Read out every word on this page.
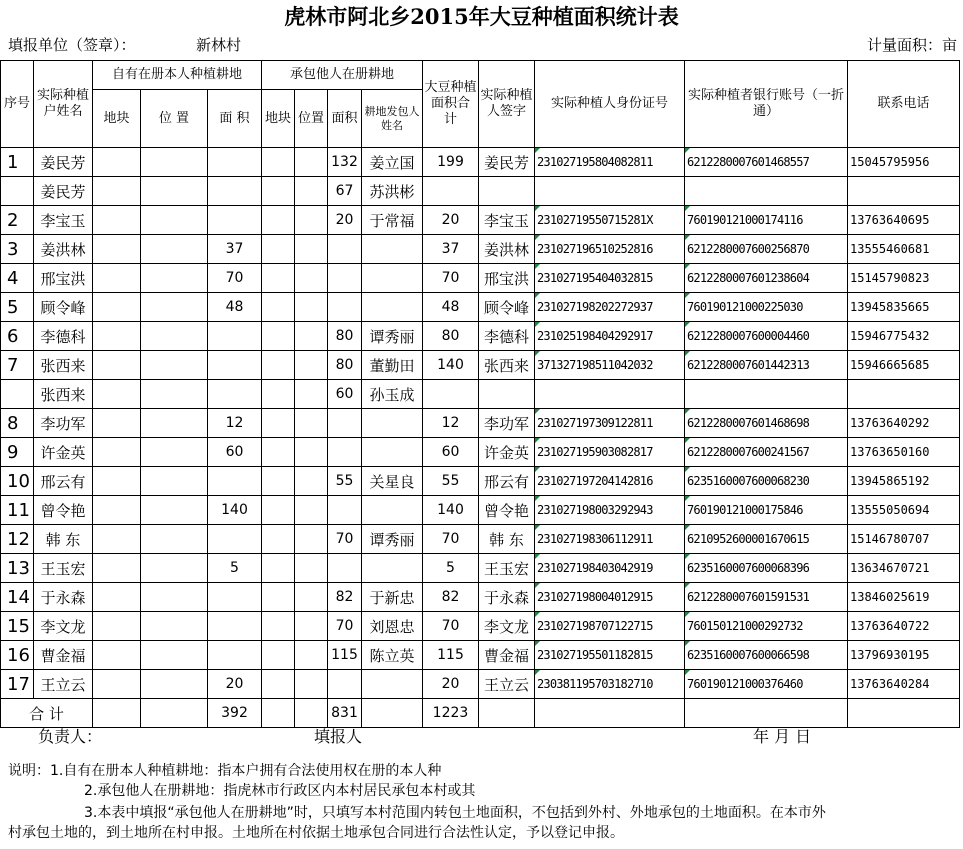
虎林市阿北乡2015年大豆种植面积统计表
填报单位（签章）：	新林村	计量面积：亩
序号	实际种植户姓名	自有在册本人种植耕地			承包他人在册耕地				大豆种植面积合 计	实际种植人签字	实际种植人身份证号	实际种植者银行账号（一折通）	联系电话
		地块	位 置	面 积	地块	位置	面积	耕地发包人姓名					
1	姜民芳						132	姜立国	199	姜民芳	231027195804082811	6212280007601468557	15045795956
	姜民芳						67	苏洪彬					
2	李宝玉						20	于常福	20	李宝玉	23102719550715281X	760190121000174116	13763640695
3	姜洪林			37					37	姜洪林	231027196510252816	6212280007600256870	13555460681
4	邢宝洪			70					70	邢宝洪	231027195404032815	6212280007601238604	15145790823
5	顾令峰			48					48	顾令峰	231027198202272937	760190121000225030	13945835665
6	李德科						80	谭秀丽	80	李德科	231025198404292917	6212280007600004460	15946775432
7	张西来						80	董勤田	140	张西来	371327198511042032	6212280007601442313	15946665685
	张西来						60	孙玉成					
8	李功军			12					12	李功军	231027197309122811	6212280007601468698	13763640292
9	许金英			60					60	许金英	231027195903082817	6212280007600241567	13763650160
10	邢云有						55	关星良	55	邢云有	231027197204142816	6235160007600068230	13945865192
11	曾令艳			140					140	曾令艳	231027198003292943	760190121000175846	13555050694
12	韩 东						70	谭秀丽	70	韩 东	231027198306112911	6210952600001670615	15146780707
13	王玉宏			5					5	王玉宏	231027198403042919	6235160007600068396	13634670721
14	于永森						82	于新忠	82	于永森	231027198004012915	6212280007601591531	13846025619
15	李文龙						70	刘恩忠	70	李文龙	231027198707122715	760150121000292732	13763640722
16	曹金福						115	陈立英	115	曹金福	231027195501182815	6235160007600066598	13796930195
17	王立云			20					20	王立云	230381195703182710	760190121000376460	13763640284
合 计				392			831		1223				
负责人：	填报人	年 月 日
说明：1.自有在册本人种植耕地：指本户拥有合法使用权在册的本人种
2.承包他人在册耕地：指虎林市行政区内本村居民承包本村或其
3.本表中填报“承包他人在册耕地”时，只填写本村范围内转包土地面积，不包括到外村、外地承包的土地面积。在本市外
村承包土地的，到土地所在村申报。土地所在村依据土地承包合同进行合法性认定，予以登记申报。
